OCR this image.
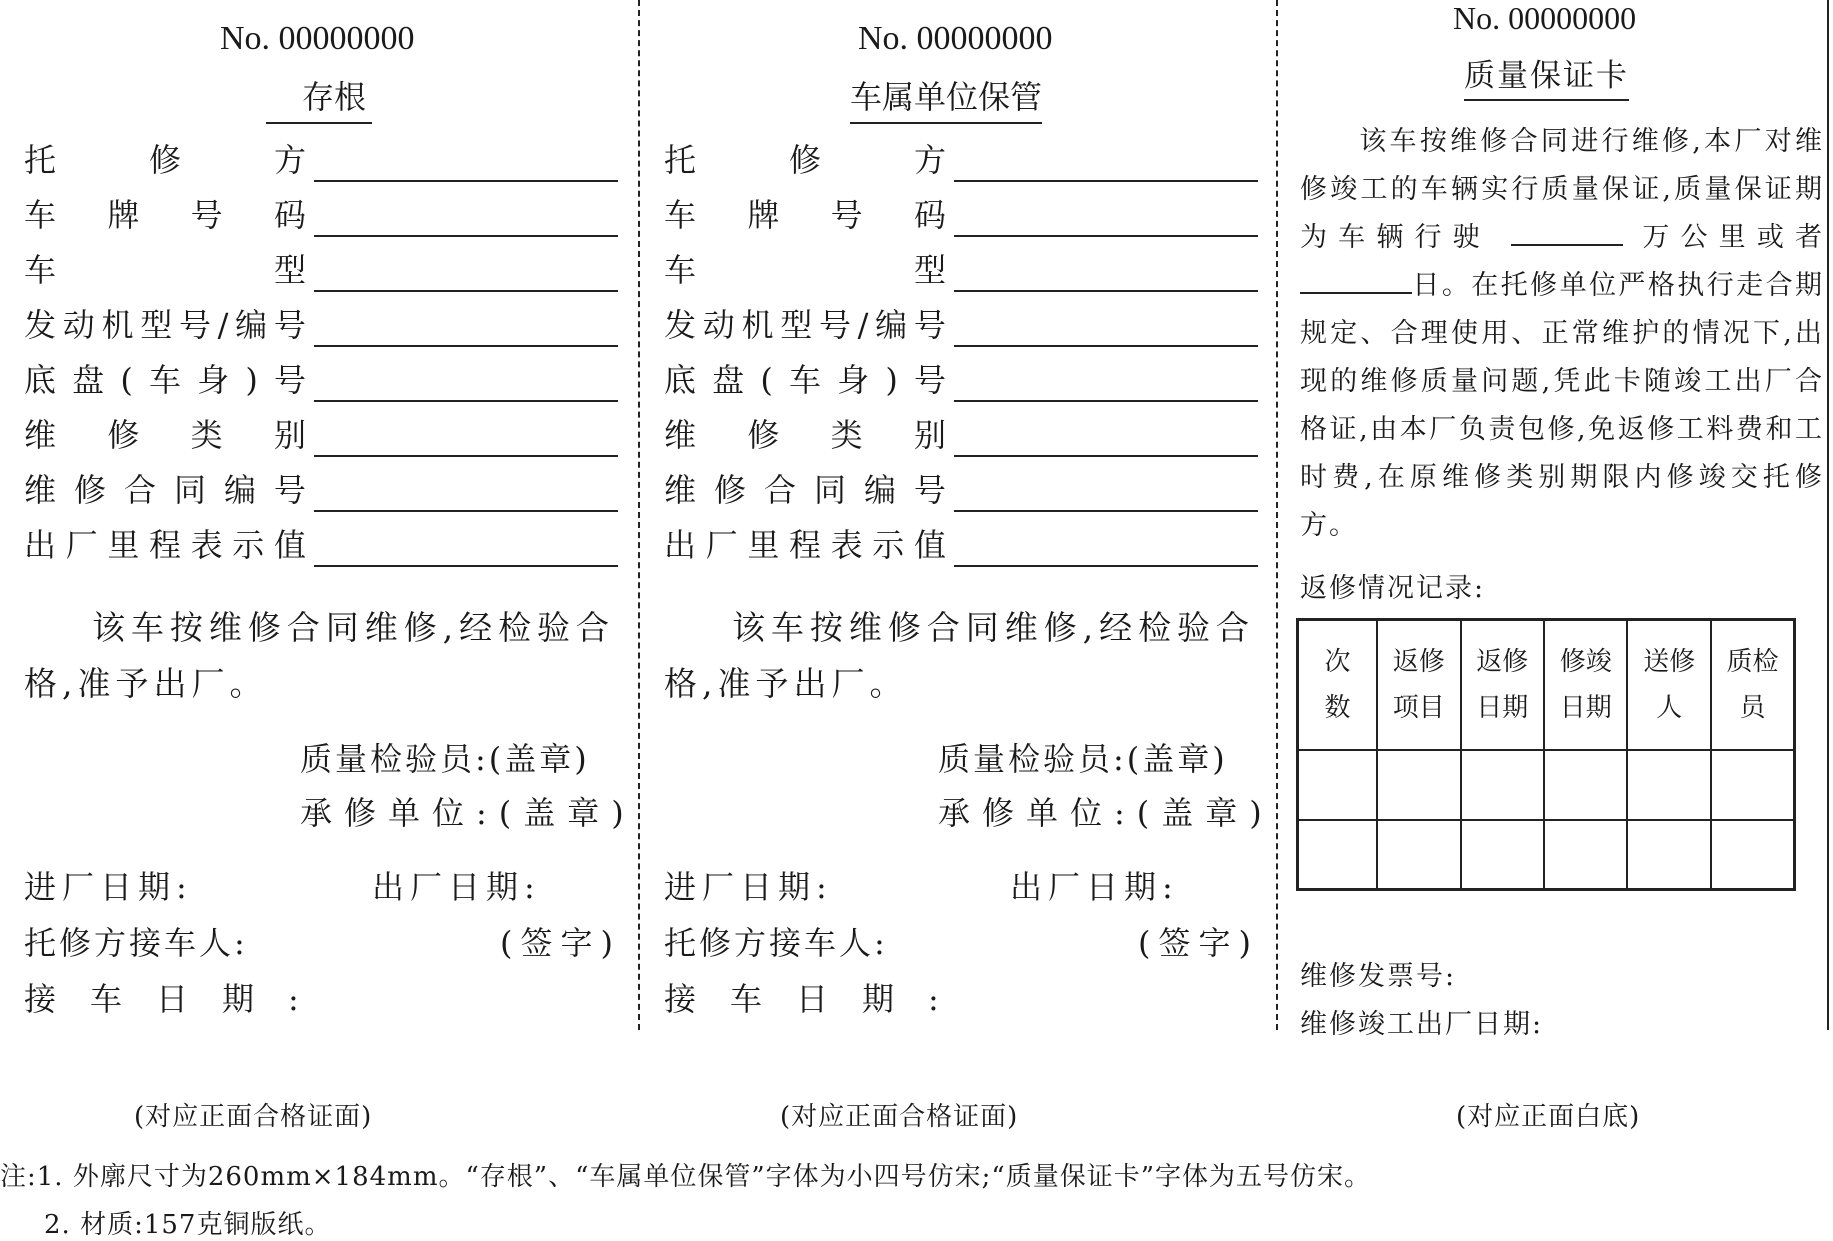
No. 00000000
存根
托	修	方
车 牌 号 码
车	型
发 动 机 型 号 / 编 号
底 盘 ( 车 身 ) 号
维 修 类 别
维 修 合 同 编 号
出 厂 里 程 表 示 值
该车按维修合同维修,经检验合格,准予出厂。
质量检验员:(盖章)
承修单位:(盖章)
进厂日期:	出厂日期:
托修方接车人:	(签字)
接车日期:
(对应正面合格证面)
No. 00000000
车属单位保管
托	修	方
车 牌 号 码
车	型
发 动 机 型 号 / 编 号
底 盘 ( 车 身 ) 号
维 修 类 别
维 修 合 同 编 号
出 厂 里 程 表 示 值
该车按维修合同维修,经检验合格,准予出厂。
质量检验员:(盖章)
承修单位:(盖章)
进厂日期:	出厂日期:
托修方接车人:	(签字)
接车日期:
(对应正面合格证面)
No. 00000000
质量保证卡
该车按维修合同进行维修,本厂对维修竣工的车辆实行质量保证,质量保证期为车辆行驶	万公里或者 日。在托修单位严格执行走合期规定、合理使用、正常维护的情况下,出现的维修质量问题,凭此卡随竣工出厂合格证,由本厂负责包修,免返修工料费和工时费,在原维修类别期限内修竣交托修方。
返修情况记录:
次数	返修项目	返修日期	修竣日期	送修人	质检员

维修发票号:
维修竣工出厂日期:
(对应正面白底)
注:1. 外廓尺寸为260mm×184mm。“存根”、“车属单位保管”字体为小四号仿宋;“质量保证卡”字体为五号仿宋。
2. 材质:157克铜版纸。
